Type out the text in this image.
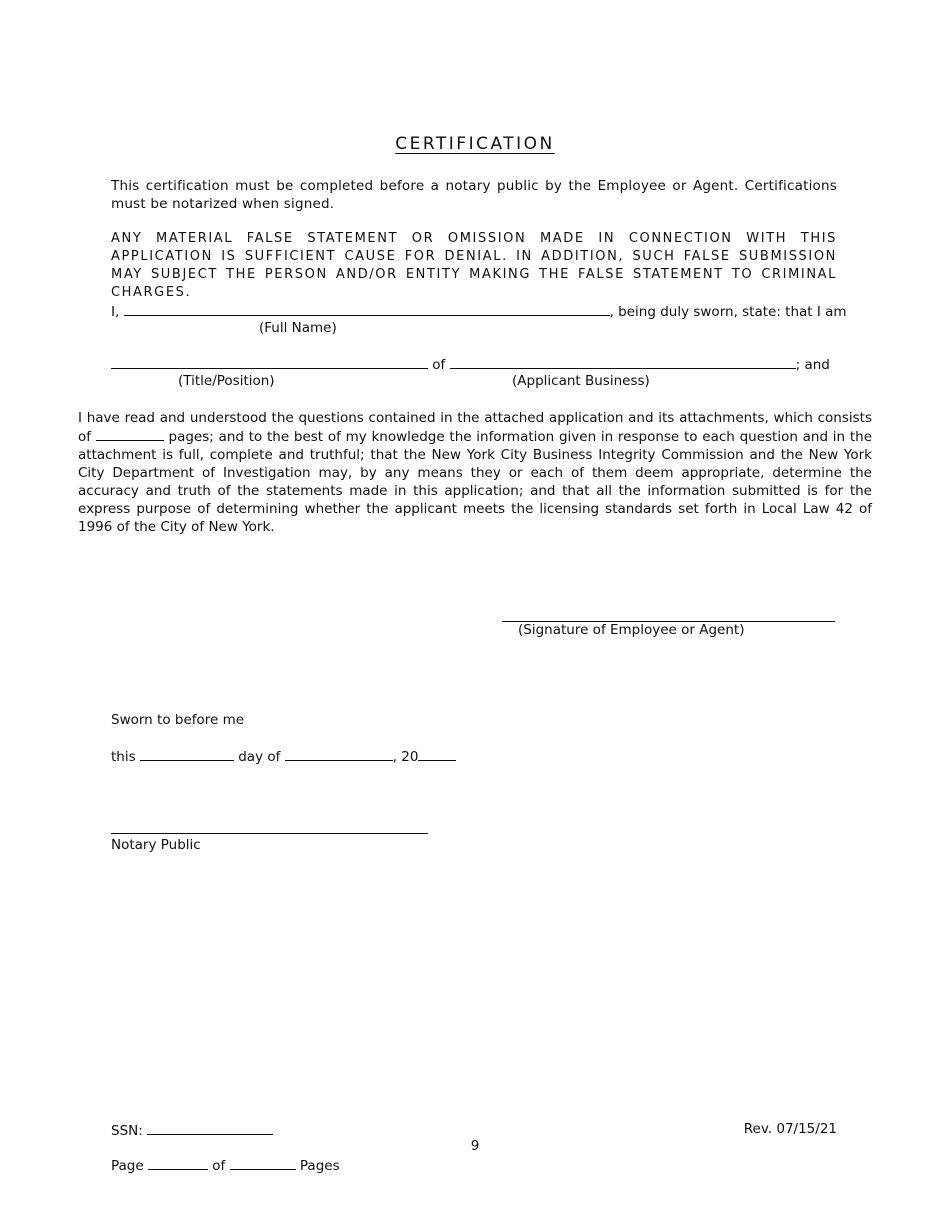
CERTIFICATION
This certification must be completed before a notary public by the Employee or Agent. Certifications must be notarized when signed.
ANY MATERIAL FALSE STATEMENT OR OMISSION MADE IN CONNECTION WITH THIS APPLICATION IS SUFFICIENT CAUSE FOR DENIAL. IN ADDITION, SUCH FALSE SUBMISSION MAY SUBJECT THE PERSON AND/OR ENTITY MAKING THE FALSE STATEMENT TO CRIMINAL CHARGES.
I,	, being duly sworn, state: that I am
(Full Name)
of	; and
(Title/Position)	(Applicant Business)
I have read and understood the questions contained in the attached application and its attachments, which consists of	pages; and to the best of my knowledge the information given in response to each question and in the attachment is full, complete and truthful; that the New York City Business Integrity Commission and the New York City Department of Investigation may, by any means they or each of them deem appropriate, determine the accuracy and truth of the statements made in this application; and that all the information submitted is for the express purpose of determining whether the applicant meets the licensing standards set forth in Local Law 42 of 1996 of the City of New York.
(Signature of Employee or Agent)
Sworn to before me
this	day of	, 20
Notary Public
SSN:	Rev. 07/15/21
9
Page	of	Pages
